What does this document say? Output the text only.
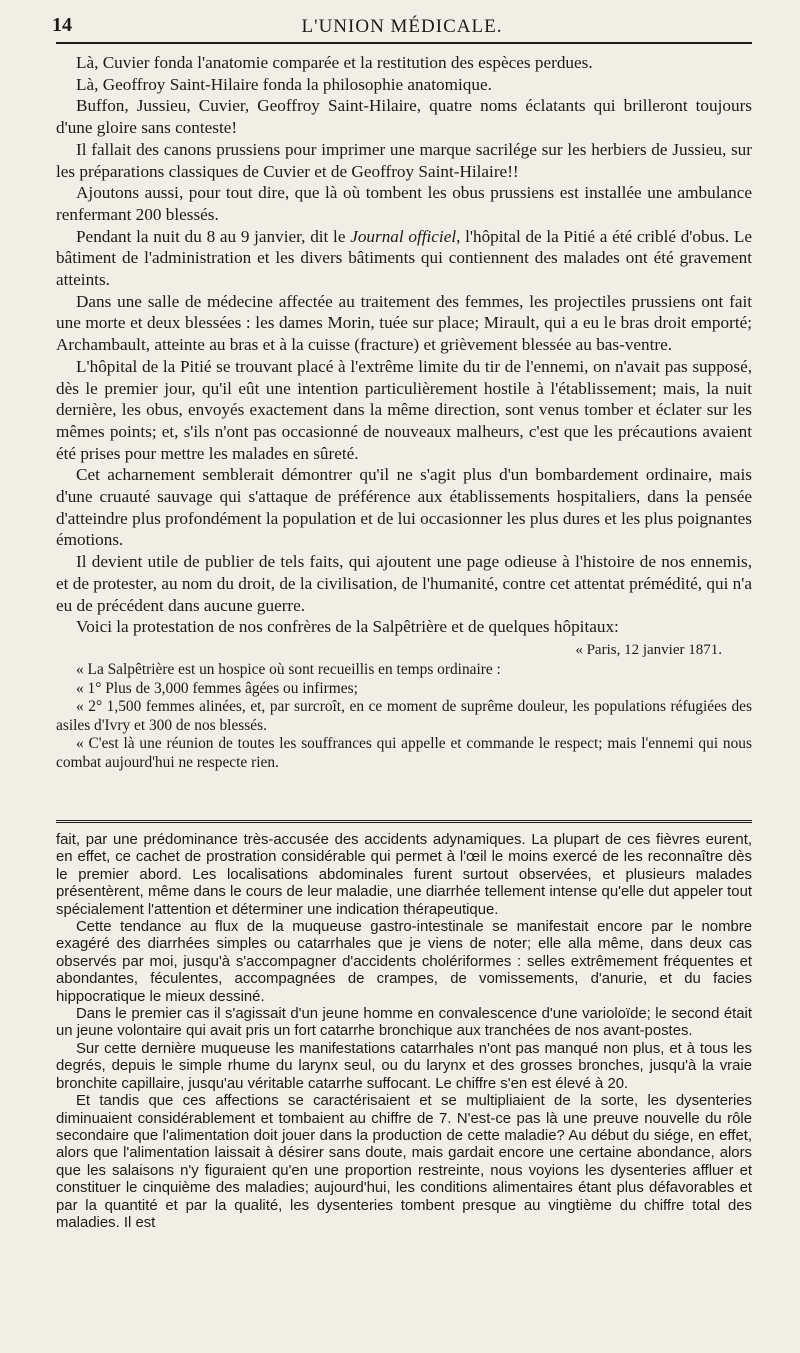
14	L'UNION MÉDICALE.

Là, Cuvier fonda l'anatomie comparée et la restitution des espèces perdues.

Là, Geoffroy Saint-Hilaire fonda la philosophie anatomique.

Buffon, Jussieu, Cuvier, Geoffroy Saint-Hilaire, quatre noms éclatants qui brilleront toujours d'une gloire sans conteste!

Il fallait des canons prussiens pour imprimer une marque sacrilége sur les herbiers de Jussieu, sur les préparations classiques de Cuvier et de Geoffroy Saint-Hilaire!!

Ajoutons aussi, pour tout dire, que là où tombent les obus prussiens est installée une ambulance renfermant 200 blessés.

Pendant la nuit du 8 au 9 janvier, dit le Journal officiel, l'hôpital de la Pitié a été criblé d'obus. Le bâtiment de l'administration et les divers bâtiments qui contiennent des malades ont été gravement atteints.

Dans une salle de médecine affectée au traitement des femmes, les projectiles prussiens ont fait une morte et deux blessées : les dames Morin, tuée sur place; Mirault, qui a eu le bras droit emporté; Archambault, atteinte au bras et à la cuisse (fracture) et grièvement blessée au bas-ventre.

L'hôpital de la Pitié se trouvant placé à l'extrême limite du tir de l'ennemi, on n'avait pas supposé, dès le premier jour, qu'il eût une intention particulièrement hostile à l'établissement; mais, la nuit dernière, les obus, envoyés exactement dans la même direction, sont venus tomber et éclater sur les mêmes points; et, s'ils n'ont pas occasionné de nouveaux malheurs, c'est que les précautions avaient été prises pour mettre les malades en sûreté.

Cet acharnement semblerait démontrer qu'il ne s'agit plus d'un bombardement ordinaire, mais d'une cruauté sauvage qui s'attaque de préférence aux établissements hospitaliers, dans la pensée d'atteindre plus profondément la population et de lui occasionner les plus dures et les plus poignantes émotions.

Il devient utile de publier de tels faits, qui ajoutent une page odieuse à l'histoire de nos ennemis, et de protester, au nom du droit, de la civilisation, de l'humanité, contre cet attentat prémédité, qui n'a eu de précédent dans aucune guerre.

Voici la protestation de nos confrères de la Salpêtrière et de quelques hôpitaux:

« Paris, 12 janvier 1871.

« La Salpêtrière est un hospice où sont recueillis en temps ordinaire :

« 1° Plus de 3,000 femmes âgées ou infirmes;

« 2° 1,500 femmes alinées, et, par surcroît, en ce moment de suprême douleur, les populations réfugiées des asiles d'Ivry et 300 de nos blessés.

« C'est là une réunion de toutes les souffrances qui appelle et commande le respect; mais l'ennemi qui nous combat aujourd'hui ne respecte rien.

fait, par une prédominance très-accusée des accidents adynamiques. La plupart de ces fièvres eurent, en effet, ce cachet de prostration considérable qui permet à l'œil le moins exercé de les reconnaître dès le premier abord. Les localisations abdominales furent surtout observées, et plusieurs malades présentèrent, même dans le cours de leur maladie, une diarrhée tellement intense qu'elle dut appeler tout spécialement l'attention et déterminer une indication thérapeutique.

Cette tendance au flux de la muqueuse gastro-intestinale se manifestait encore par le nombre exagéré des diarrhées simples ou catarrhales que je viens de noter; elle alla même, dans deux cas observés par moi, jusqu'à s'accompagner d'accidents cholériformes : selles extrêmement fréquentes et abondantes, féculentes, accompagnées de crampes, de vomissements, d'anurie, et du facies hippocratique le mieux dessiné.

Dans le premier cas il s'agissait d'un jeune homme en convalescence d'une varioloïde; le second était un jeune volontaire qui avait pris un fort catarrhe bronchique aux tranchées de nos avant-postes.

Sur cette dernière muqueuse les manifestations catarrhales n'ont pas manqué non plus, et à tous les degrés, depuis le simple rhume du larynx seul, ou du larynx et des grosses bronches, jusqu'à la vraie bronchite capillaire, jusqu'au véritable catarrhe suffocant. Le chiffre s'en est élevé à 20.

Et tandis que ces affections se caractérisaient et se multipliaient de la sorte, les dysenteries diminuaient considérablement et tombaient au chiffre de 7. N'est-ce pas là une preuve nouvelle du rôle secondaire que l'alimentation doit jouer dans la production de cette maladie? Au début du siége, en effet, alors que l'alimentation laissait à désirer sans doute, mais gardait encore une certaine abondance, alors que les salaisons n'y figuraient qu'en une proportion restreinte, nous voyions les dysenteries affluer et constituer le cinquième des maladies; aujourd'hui, les conditions alimentaires étant plus défavorables et par la quantité et par la qualité, les dysenteries tombent presque au vingtième du chiffre total des maladies. Il est
